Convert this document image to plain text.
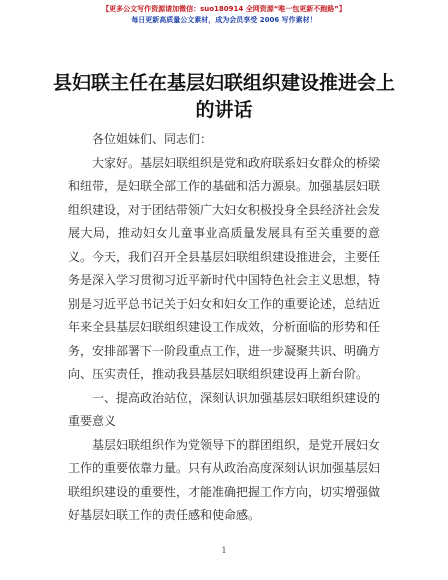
【更多公文写作资源请加微信：suo180914 全网资源“唯一包更新不跑路”】
每日更新高质量公文素材，成为会员享受 2006 写作素材！
县妇联主任在基层妇联组织建设推进会上的讲话

各位姐妹们、同志们：

大家好。基层妇联组织是党和政府联系妇女群众的桥梁和纽带，是妇联全部工作的基础和活力源泉。加强基层妇联组织建设，对于团结带领广大妇女积极投身全县经济社会发展大局，推动妇女儿童事业高质量发展具有至关重要的意义。今天，我们召开全县基层妇联组织建设推进会，主要任务是深入学习贯彻习近平新时代中国特色社会主义思想，特别是习近平总书记关于妇女和妇女工作的重要论述，总结近年来全县基层妇联组织建设工作成效，分析面临的形势和任务，安排部署下一阶段重点工作，进一步凝聚共识、明确方向、压实责任，推动我县基层妇联组织建设再上新台阶。

一、提高政治站位，深刻认识加强基层妇联组织建设的重要意义

基层妇联组织作为党领导下的群团组织，是党开展妇女工作的重要依靠力量。只有从政治高度深刻认识加强基层妇联组织建设的重要性，才能准确把握工作方向，切实增强做好基层妇联工作的责任感和使命感。

1
